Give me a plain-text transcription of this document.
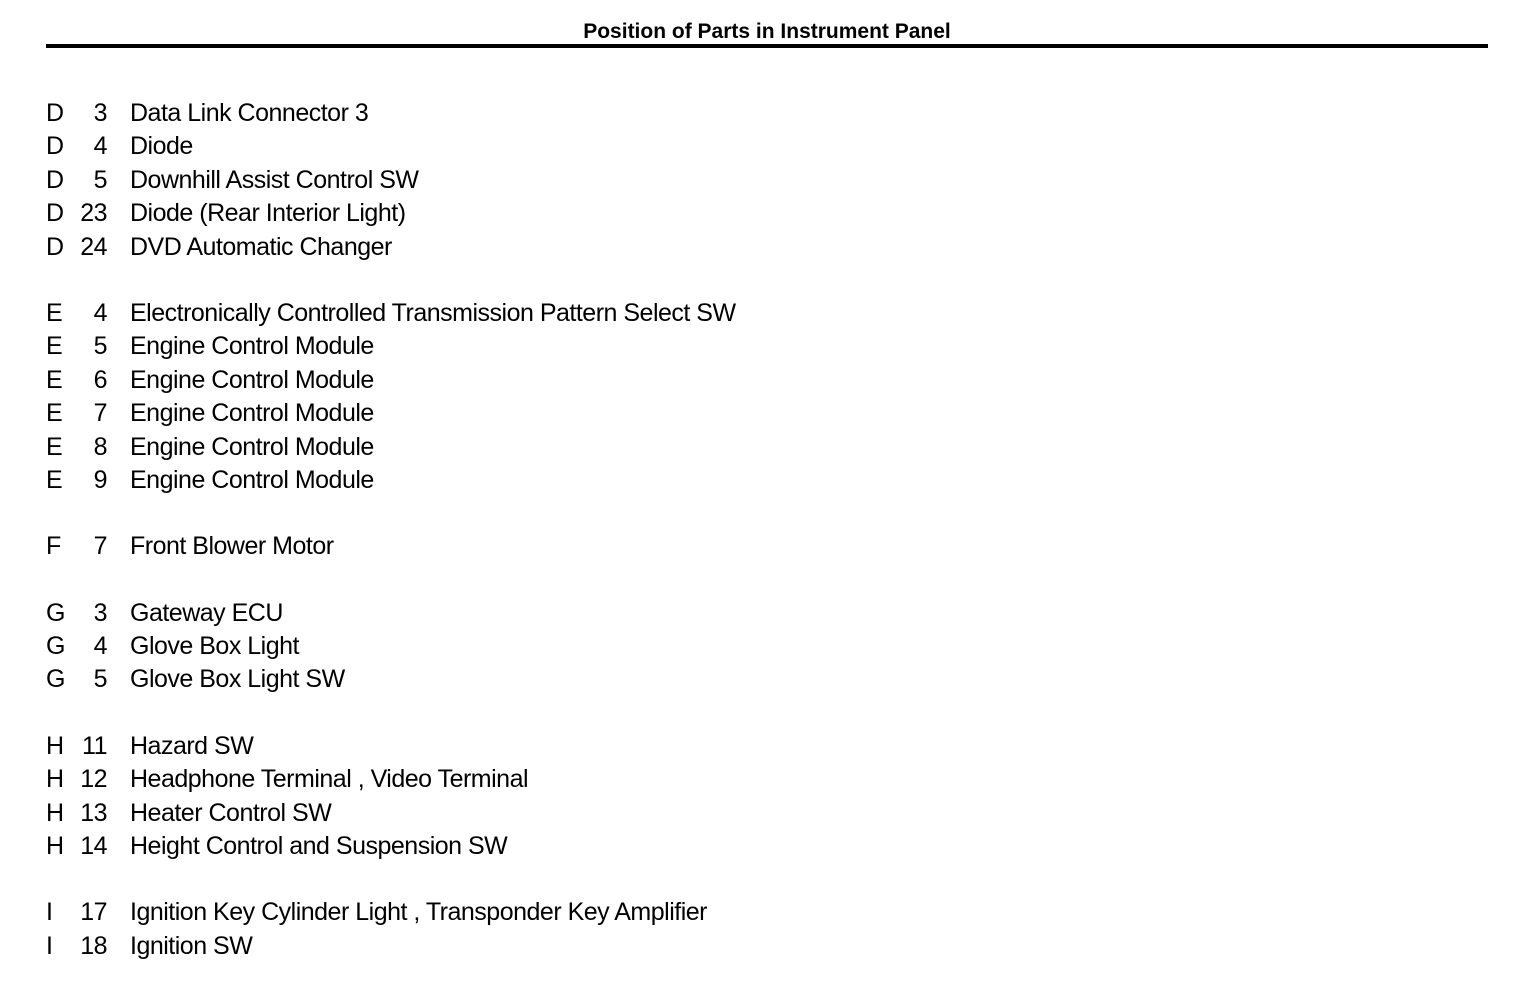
Position of Parts in Instrument Panel
D	3 Data Link Connector 3
D	4 Diode
D	5 Downhill Assist Control SW
D 23 Diode (Rear Interior Light)
D 24 DVD Automatic Changer
E	4 Electronically Controlled Transmission Pattern Select SW
E	5 Engine Control Module
E	6 Engine Control Module
E	7 Engine Control Module
E	8 Engine Control Module
E	9 Engine Control Module
F	7 Front Blower Motor
G	3 Gateway ECU
G	4 Glove Box Light
G	5 Glove Box Light SW
H 11 Hazard SW
H 12 Headphone Terminal , Video Terminal
H 13 Heater Control SW
H 14 Height Control and Suspension SW
I	17 Ignition Key Cylinder Light , Transponder Key Amplifier
I	18 Ignition SW
